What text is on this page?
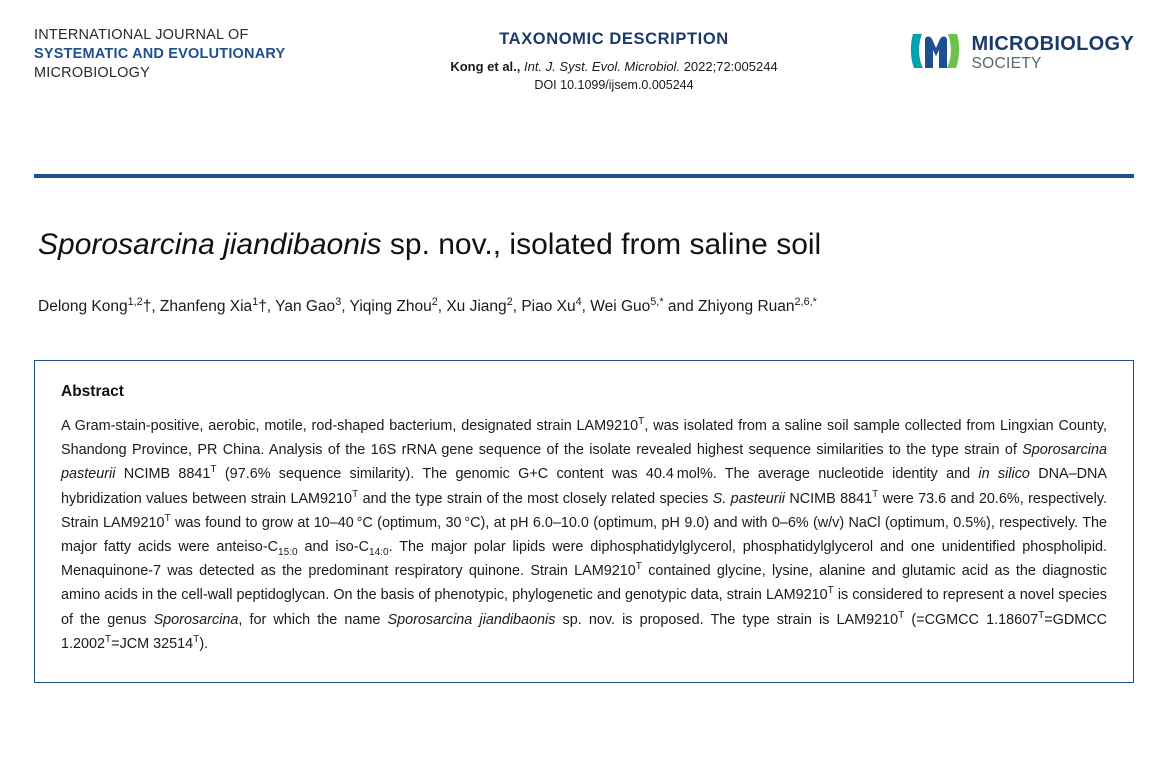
INTERNATIONAL JOURNAL OF
SYSTEMATIC AND EVOLUTIONARY
MICROBIOLOGY
TAXONOMIC DESCRIPTION
Kong et al., Int. J. Syst. Evol. Microbiol. 2022;72:005244
DOI 10.1099/ijsem.0.005244
MICROBIOLOGY
SOCIETY
Sporosarcina jiandibaonis sp. nov., isolated from saline soil
Delong Kong$^{1,2}$†, Zhanfeng Xia$^1$†, Yan Gao$^3$, Yiqing Zhou$^2$, Xu Jiang$^2$, Piao Xu$^4$, Wei Guo$^{5,*}$ and Zhiyong Ruan$^{2,6,*}$
Abstract
A Gram-stain-positive, aerobic, motile, rod-shaped bacterium, designated strain $LAM9210^T$, was isolated from a saline soil sample collected from Lingxian County, Shandong Province, PR China. Analysis of the 16S rRNA gene sequence of the isolate revealed highest sequence similarities to the type strain of Sporosarcina pasteurii NCIMB $8841^T$ (97.6% sequence similarity). The genomic G+C content was 40.4 mol%. The average nucleotide identity and in silico DNA–DNA hybridization values between strain $LAM9210^T$ and the type strain of the most closely related species S. pasteurii NCIMB $8841^T$ were 73.6 and 20.6%, respectively. Strain $LAM9210^T$ was found to grow at 10–40 °C (optimum, 30 °C), at pH 6.0–10.0 (optimum, pH 9.0) and with 0–6% (w/v) NaCl (optimum, 0.5%), respectively. The major fatty acids were anteiso-$C_{15:0}$ and iso-$C_{14:0}$. The major polar lipids were diphosphatidylglycerol, phosphatidylglycerol and one unidentified phospholipid. Menaquinone-7 was detected as the predominant respiratory quinone. Strain $LAM9210^T$ contained glycine, lysine, alanine and glutamic acid as the diagnostic amino acids in the cell-wall peptidoglycan. On the basis of phenotypic, phylogenetic and genotypic data, strain $LAM9210^T$ is considered to represent a novel species of the genus Sporosarcina, for which the name Sporosarcina jiandibaonis sp. nov. is proposed. The type strain is $LAM9210^T$ (=CGMCC $1.18607^T=GDMCC$ $1.2002^T=JCM$ $32514^T$).
